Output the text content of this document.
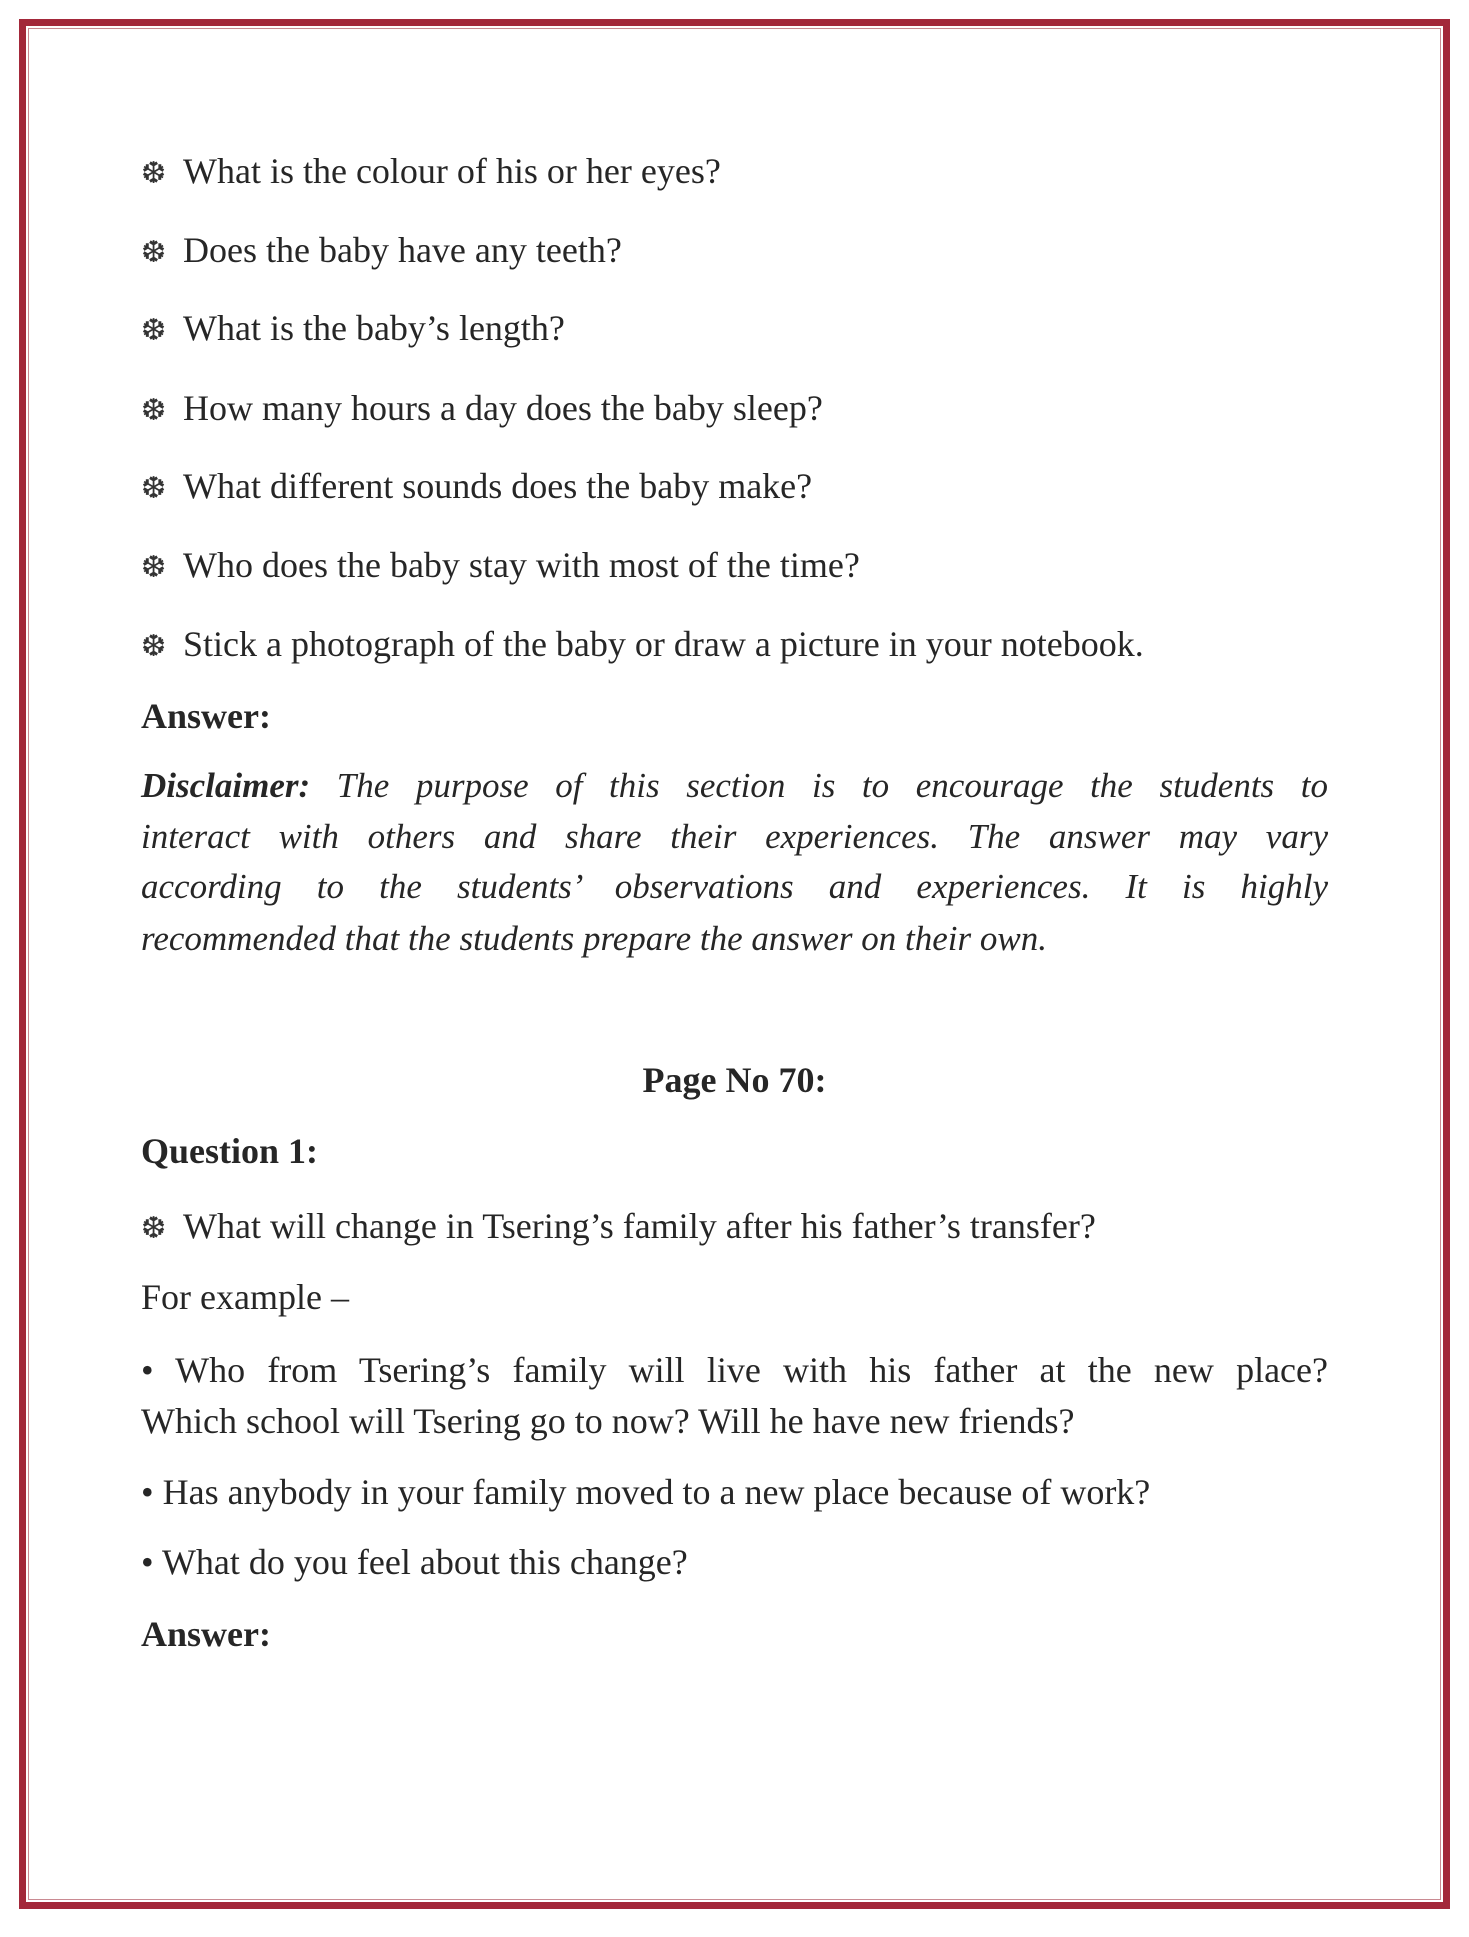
❆ What is the colour of his or her eyes?
❆ Does the baby have any teeth?
❆ What is the baby’s length?
❆ How many hours a day does the baby sleep?
❆ What different sounds does the baby make?
❆ Who does the baby stay with most of the time?
❆ Stick a photograph of the baby or draw a picture in your notebook.
Answer:
Disclaimer: The purpose of this section is to encourage the students to
interact with others and share their experiences. The answer may vary
according to the students’ observations and experiences. It is highly
recommended that the students prepare the answer on their own.
Page No 70:
Question 1:
❆ What will change in Tsering’s family after his father’s transfer?
For example –
• Who from Tsering’s family will live with his father at the new place?
Which school will Tsering go to now? Will he have new friends?
• Has anybody in your family moved to a new place because of work?
• What do you feel about this change?
Answer:
